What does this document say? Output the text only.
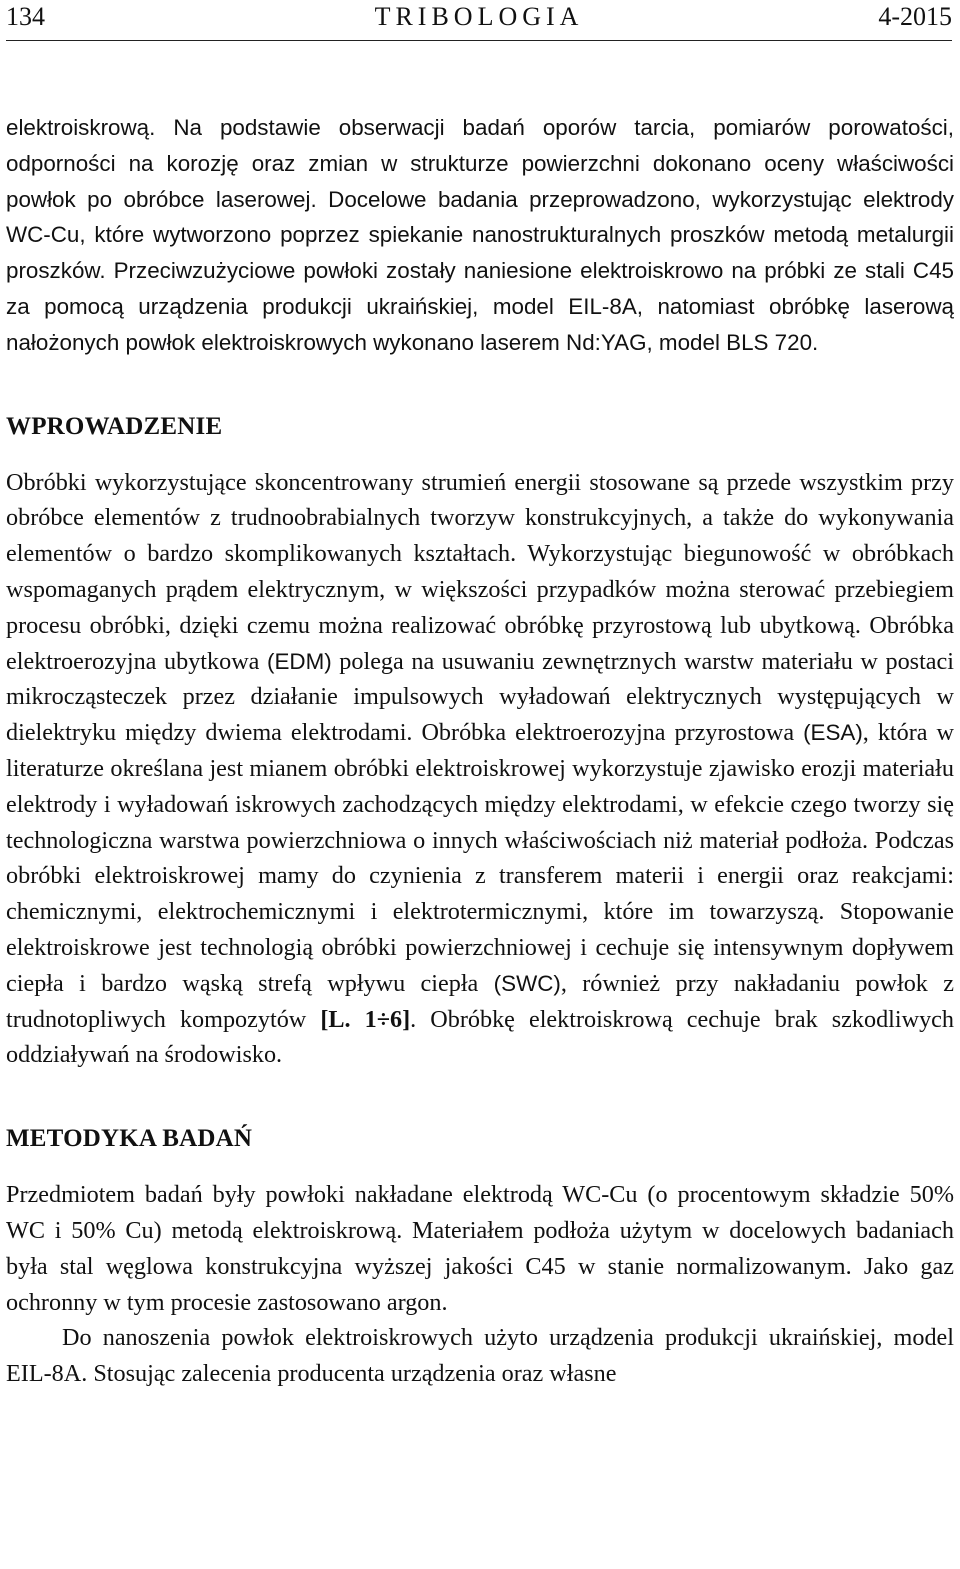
134	TRIBOLOGIA	4-2015

elektroiskrową. Na podstawie obserwacji badań oporów tarcia, pomiarów porowatości, odporności na korozję oraz zmian w strukturze powierzchni dokonano oceny właściwości powłok po obróbce laserowej. Docelowe badania przeprowadzono, wykorzystując elektrody WC-Cu, które wytworzono poprzez spiekanie nanostrukturalnych proszków metodą metalurgii proszków. Przeciwzużyciowe powłoki zostały naniesione elektroiskrowo na próbki ze stali C45 za pomocą urządzenia produkcji ukraińskiej, model EIL-8A, natomiast obróbkę laserową nałożonych powłok elektroiskrowych wykonano laserem Nd:YAG, model BLS 720.

WPROWADZENIE

Obróbki wykorzystujące skoncentrowany strumień energii stosowane są przede wszystkim przy obróbce elementów z trudnoobrabialnych tworzyw konstrukcyjnych, a także do wykonywania elementów o bardzo skomplikowanych kształtach. Wykorzystując biegunowość w obróbkach wspomaganych prądem elektrycznym, w większości przypadków można sterować przebiegiem procesu obróbki, dzięki czemu można realizować obróbkę przyrostową lub ubytkową. Obróbka elektroerozyjna ubytkowa (EDM) polega na usuwaniu zewnętrznych warstw materiału w postaci mikrocząsteczek przez działanie impulsowych wyładowań elektrycznych występujących w dielektryku między dwiema elektrodami. Obróbka elektroerozyjna przyrostowa (ESA), która w literaturze określana jest mianem obróbki elektroiskrowej wykorzystuje zjawisko erozji materiału elektrody i wyładowań iskrowych zachodzących między elektrodami, w efekcie czego tworzy się technologiczna warstwa powierzchniowa o innych właściwościach niż materiał podłoża. Podczas obróbki elektroiskrowej mamy do czynienia z transferem materii i energii oraz reakcjami: chemicznymi, elektrochemicznymi i elektrotermicznymi, które im towarzyszą. Stopowanie elektroiskrowe jest technologią obróbki powierzchniowej i cechuje się intensywnym dopływem ciepła i bardzo wąską strefą wpływu ciepła (SWC), również przy nakładaniu powłok z trudnotopliwych kompozytów [L. 1÷6]. Obróbkę elektroiskrową cechuje brak szkodliwych oddziaływań na środowisko.

METODYKA BADAŃ

Przedmiotem badań były powłoki nakładane elektrodą WC-Cu (o procentowym składzie 50% WC i 50% Cu) metodą elektroiskrową. Materiałem podłoża użytym w docelowych badaniach była stal węglowa konstrukcyjna wyższej jakości C45 w stanie normalizowanym. Jako gaz ochronny w tym procesie zastosowano argon.

Do nanoszenia powłok elektroiskrowych użyto urządzenia produkcji ukraińskiej, model EIL-8A. Stosując zalecenia producenta urządzenia oraz własne
